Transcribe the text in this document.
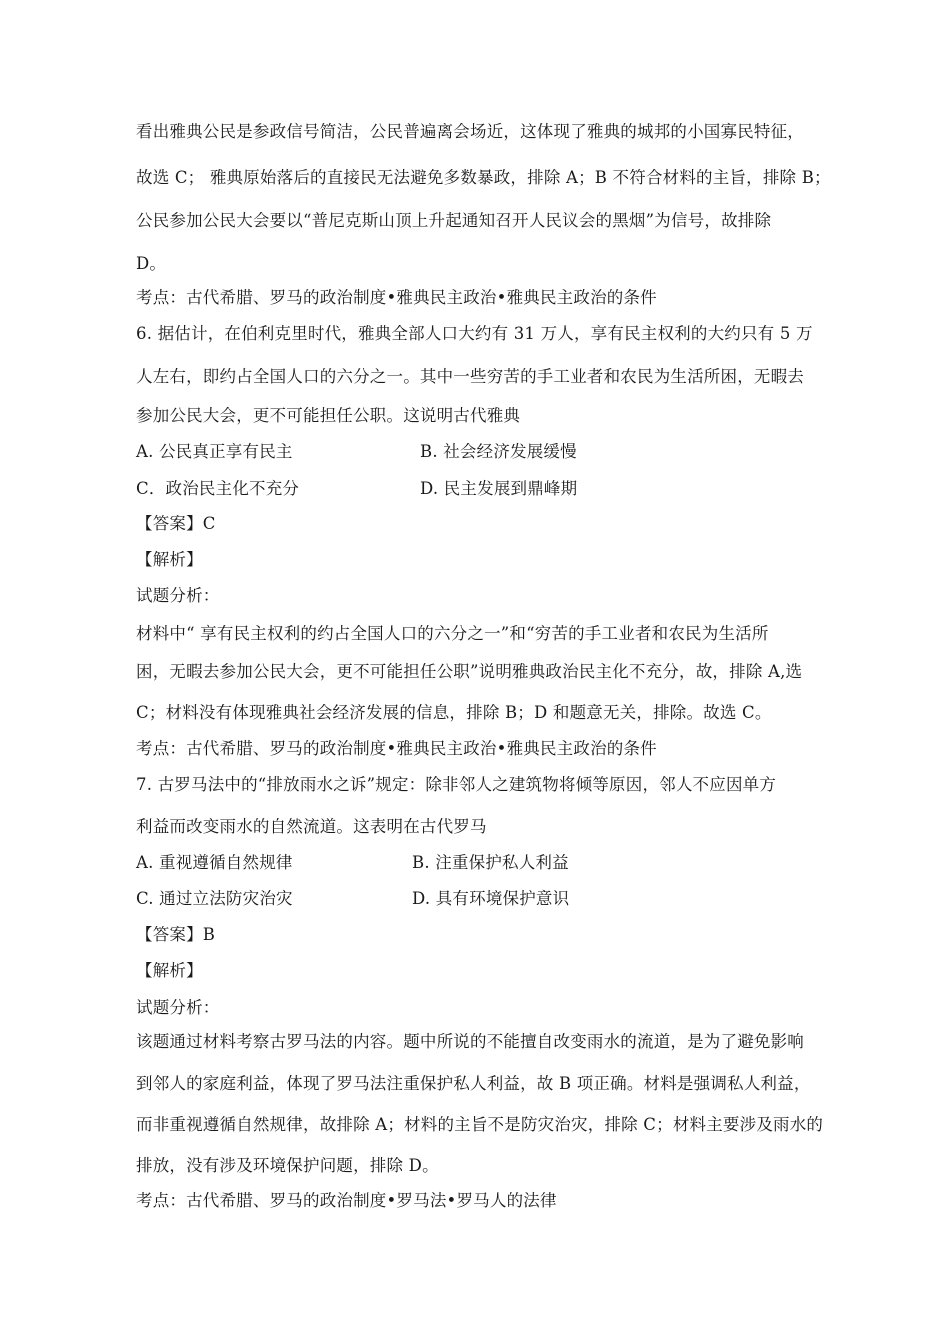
看出雅典公民是参政信号简洁，公民普遍离会场近，这体现了雅典的城邦的小国寡民特征，
故选 C； 雅典原始落后的直接民无法避免多数暴政，排除 A；B 不符合材料的主旨，排除 B；
公民参加公民大会要以“普尼克斯山顶上升起通知召开人民议会的黑烟”为信号，故排除
D。
考点：古代希腊、罗马的政治制度•雅典民主政治•雅典民主政治的条件
6. 据估计，在伯利克里时代，雅典全部人口大约有 31 万人，享有民主权利的大约只有 5 万
人左右，即约占全国人口的六分之一。其中一些穷苦的手工业者和农民为生活所困，无暇去
参加公民大会，更不可能担任公职。这说明古代雅典
A. 公民真正享有民主	B. 社会经济发展缓慢
C．政治民主化不充分	D. 民主发展到鼎峰期
【答案】C
【解析】
试题分析：
材料中“ 享有民主权利的约占全国人口的六分之一”和“穷苦的手工业者和农民为生活所
困，无暇去参加公民大会，更不可能担任公职”说明雅典政治民主化不充分，故，排除 A,选
C；材料没有体现雅典社会经济发展的信息，排除 B；D 和题意无关，排除。故选 C。
考点：古代希腊、罗马的政治制度•雅典民主政治•雅典民主政治的条件
7. 古罗马法中的“排放雨水之诉”规定：除非邻人之建筑物将倾等原因，邻人不应因单方
利益而改变雨水的自然流道。这表明在古代罗马
A. 重视遵循自然规律	B. 注重保护私人利益
C. 通过立法防灾治灾	D. 具有环境保护意识
【答案】B
【解析】
试题分析：
该题通过材料考察古罗马法的内容。题中所说的不能擅自改变雨水的流道，是为了避免影响
到邻人的家庭利益，体现了罗马法注重保护私人利益，故 B 项正确。材料是强调私人利益，
而非重视遵循自然规律，故排除 A；材料的主旨不是防灾治灾，排除 C；材料主要涉及雨水的
排放，没有涉及环境保护问题，排除 D。
考点：古代希腊、罗马的政治制度•罗马法•罗马人的法律
